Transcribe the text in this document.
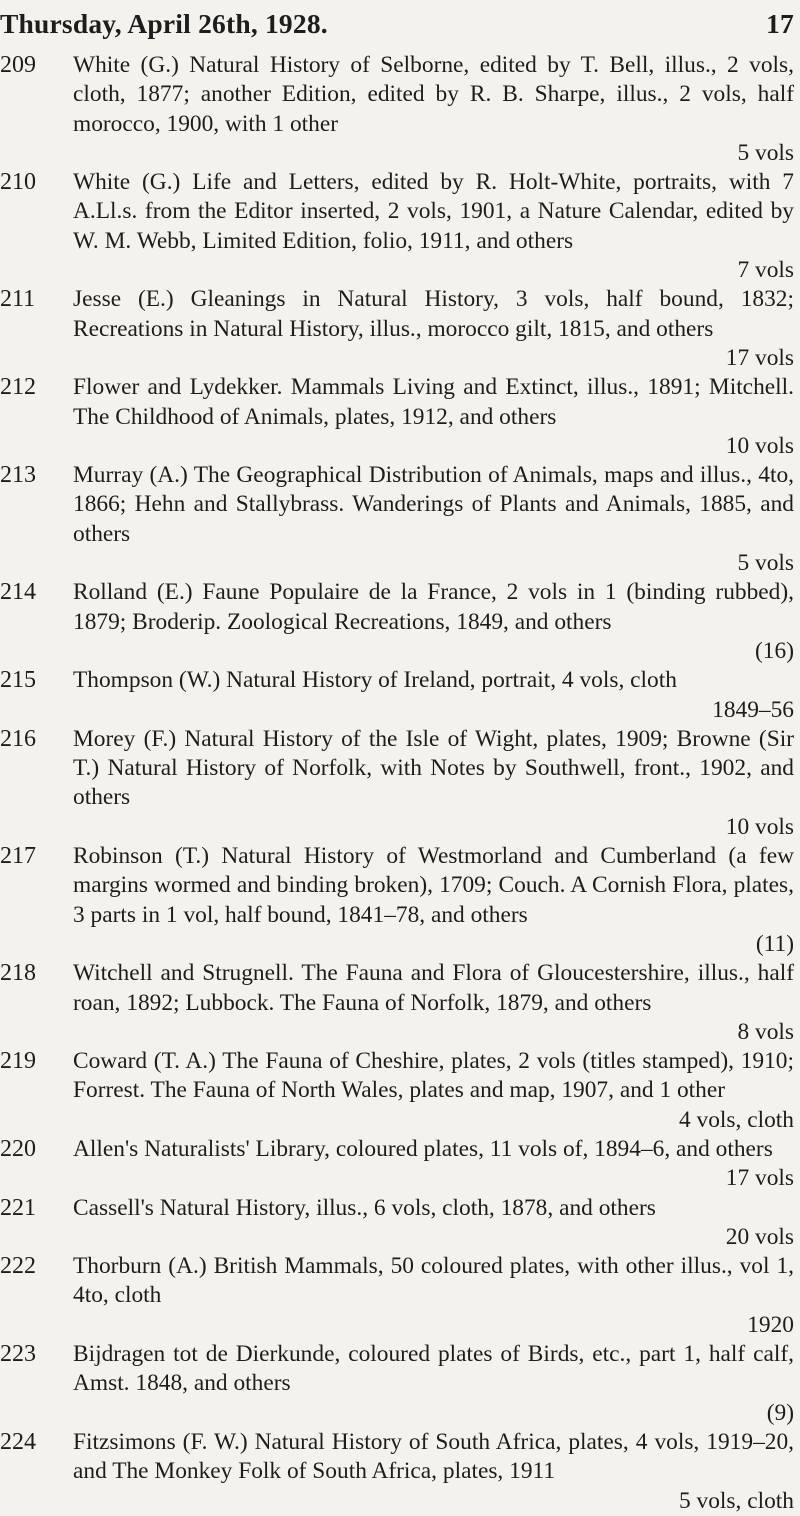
Thursday, April 26th, 1928.	17
209	White (G.) Natural History of Selborne, edited by T. Bell, illus., 2 vols, cloth, 1877; another Edition, edited by R. B. Sharpe, illus., 2 vols, half morocco, 1900, with 1 other
5 vols
210	White (G.) Life and Letters, edited by R. Holt-White, portraits, with 7 A.Ll.s. from the Editor inserted, 2 vols, 1901, a Nature Calendar, edited by W. M. Webb, Limited Edition, folio, 1911, and others
7 vols
211	Jesse (E.) Gleanings in Natural History, 3 vols, half bound, 1832; Recreations in Natural History, illus., morocco gilt, 1815, and others
17 vols
212	Flower and Lydekker. Mammals Living and Extinct, illus., 1891; Mitchell. The Childhood of Animals, plates, 1912, and others
10 vols
213	Murray (A.) The Geographical Distribution of Animals, maps and illus., 4to, 1866; Hehn and Stallybrass. Wanderings of Plants and Animals, 1885, and others
5 vols
214	Rolland (E.) Faune Populaire de la France, 2 vols in 1 (binding rubbed), 1879; Broderip. Zoological Recreations, 1849, and others
(16)
215	Thompson (W.) Natural History of Ireland, portrait, 4 vols, cloth
1849–56
216	Morey (F.) Natural History of the Isle of Wight, plates, 1909; Browne (Sir T.) Natural History of Norfolk, with Notes by Southwell, front., 1902, and others
10 vols
217	Robinson (T.) Natural History of Westmorland and Cumberland (a few margins wormed and binding broken), 1709; Couch. A Cornish Flora, plates, 3 parts in 1 vol, half bound, 1841–78, and others
(11)
218	Witchell and Strugnell. The Fauna and Flora of Gloucestershire, illus., half roan, 1892; Lubbock. The Fauna of Norfolk, 1879, and others
8 vols
219	Coward (T. A.) The Fauna of Cheshire, plates, 2 vols (titles stamped), 1910; Forrest. The Fauna of North Wales, plates and map, 1907, and 1 other
4 vols, cloth
220	Allen's Naturalists' Library, coloured plates, 11 vols of, 1894–6, and others
17 vols
221	Cassell's Natural History, illus., 6 vols, cloth, 1878, and others
20 vols
222	Thorburn (A.) British Mammals, 50 coloured plates, with other illus., vol 1, 4to, cloth
1920
223	Bijdragen tot de Dierkunde, coloured plates of Birds, etc., part 1, half calf, Amst. 1848, and others
(9)
224	Fitzsimons (F. W.) Natural History of South Africa, plates, 4 vols, 1919–20, and The Monkey Folk of South Africa, plates, 1911
5 vols, cloth
